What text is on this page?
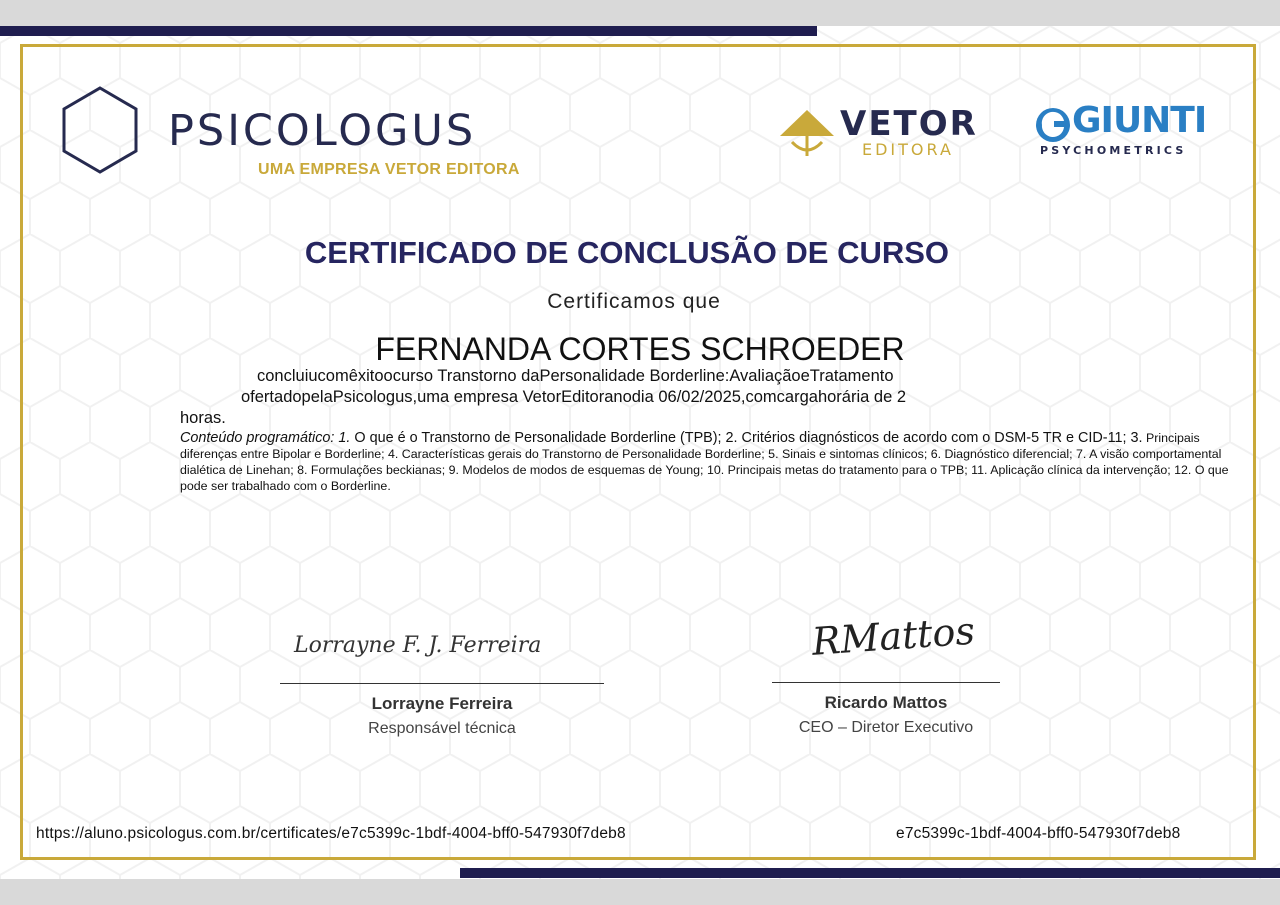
PSICOLOGUS
UMA EMPRESA VETOR EDITORA
VETOR
EDITORA
GIUNTI
PSYCHOMETRICS
CERTIFICADO DE CONCLUSÃO DE CURSO
Certificamos que
FERNANDA CORTES SCHROEDER
concluiucomêxitoocurso Transtorno daPersonalidade Borderline:AvaliaçãoeTratamento
ofertadopelaPsicologus,uma empresa VetorEditoranodia 06/02/2025,comcargahorária de 2
horas.
Conteúdo programático: 1. O que é o Transtorno de Personalidade Borderline (TPB); 2. Critérios diagnósticos de acordo com o DSM-5 TR e CID-11; 3. Principais diferenças entre Bipolar e Borderline; 4. Características gerais do Transtorno de Personalidade Borderline; 5. Sinais e sintomas clínicos; 6. Diagnóstico diferencial; 7. A visão comportamental dialética de Linehan; 8. Formulações beckianas; 9. Modelos de modos de esquemas de Young; 10. Principais metas do tratamento para o TPB; 11. Aplicação clínica da intervenção; 12. O que pode ser trabalhado com o Borderline.
Lorrayne F. J. Ferreira
Lorrayne Ferreira
Responsável técnica
RMattos
Ricardo Mattos
CEO – Diretor Executivo
https://aluno.psicologus.com.br/certificates/e7c5399c-1bdf-4004-bff0-547930f7deb8	e7c5399c-1bdf-4004-bff0-547930f7deb8
